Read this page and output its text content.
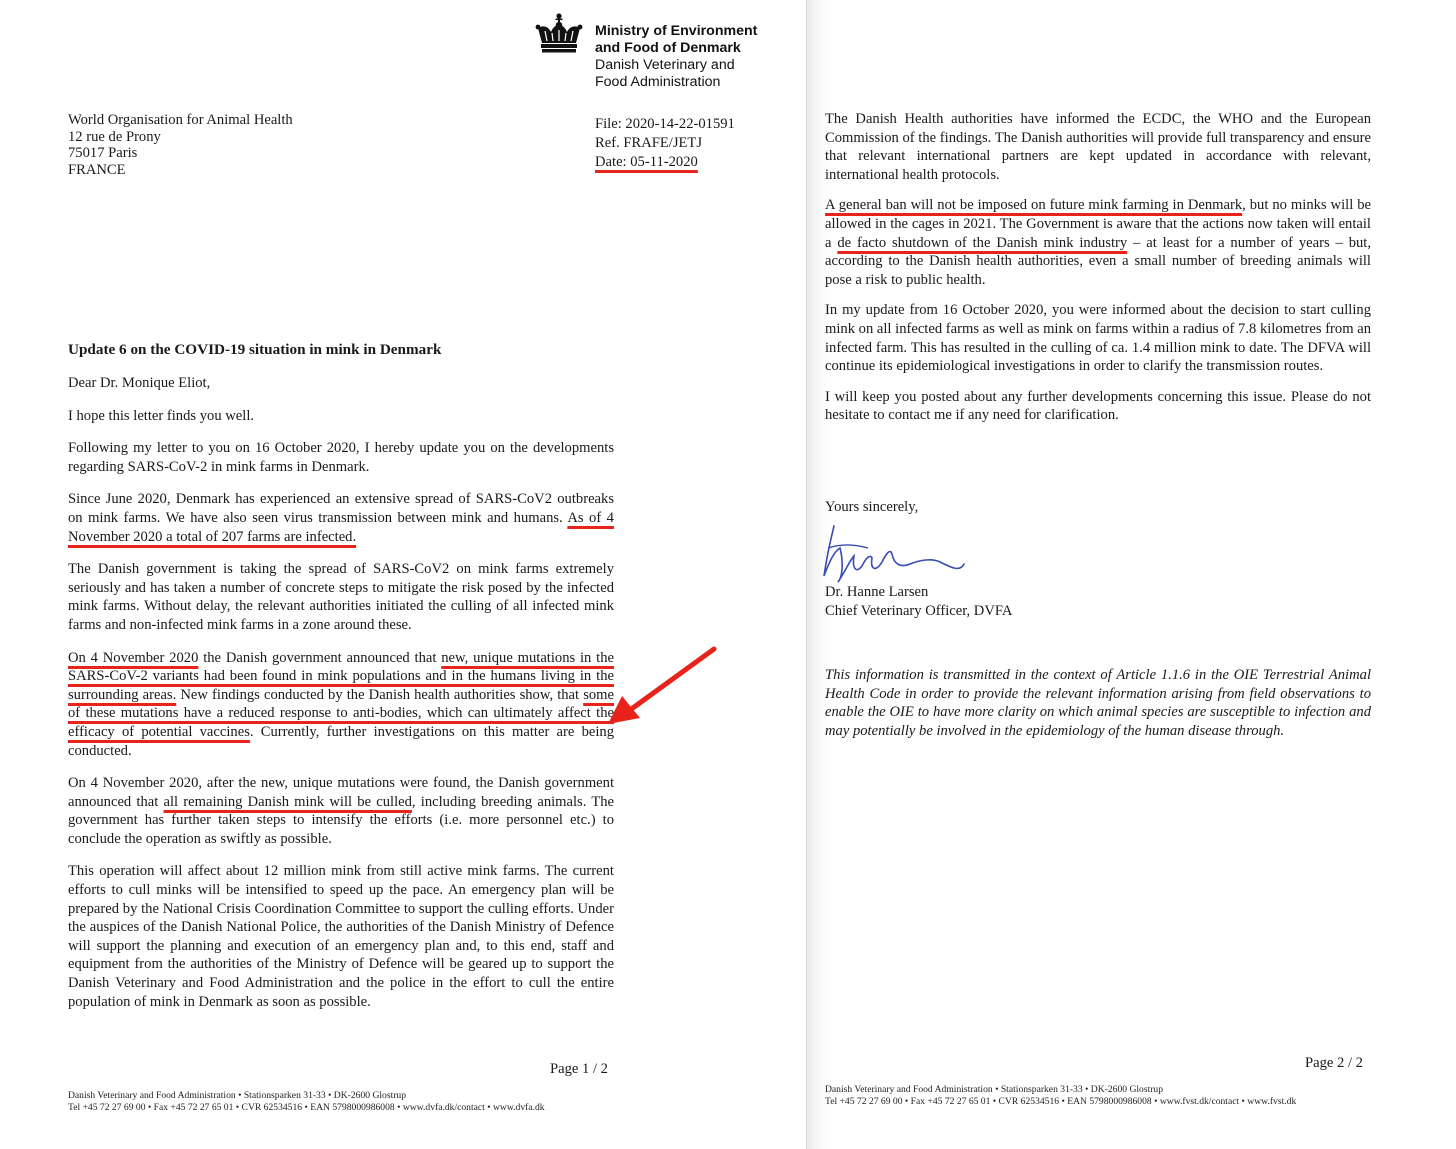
Ministry of Environment
and Food of Denmark
Danish Veterinary and
Food Administration
World Organisation for Animal Health
12 rue de Prony
75017 Paris
FRANCE
File: 2020-14-22-01591
Ref. FRAFE/JETJ
Date: 05-11-2020
Update 6 on the COVID-19 situation in mink in Denmark

Dear Dr. Monique Eliot,

I hope this letter finds you well.

Following my letter to you on 16 October 2020, I hereby update you on the developments regarding SARS-CoV-2 in mink farms in Denmark.

Since June 2020, Denmark has experienced an extensive spread of SARS-CoV2 outbreaks on mink farms. We have also seen virus transmission between mink and humans. As of 4 November 2020 a total of 207 farms are infected.

The Danish government is taking the spread of SARS-CoV2 on mink farms extremely seriously and has taken a number of concrete steps to mitigate the risk posed by the infected mink farms. Without delay, the relevant authorities initiated the culling of all infected mink farms and non-infected mink farms in a zone around these.

On 4 November 2020 the Danish government announced that new, unique mutations in the SARS-CoV-2 variants had been found in mink populations and in the humans living in the surrounding areas. New findings conducted by the Danish health authorities show, that some of these mutations have a reduced response to anti-bodies, which can ultimately affect the efficacy of potential vaccines. Currently, further investigations on this matter are being conducted.

On 4 November 2020, after the new, unique mutations were found, the Danish government announced that all remaining Danish mink will be culled, including breeding animals. The government has further taken steps to intensify the efforts (i.e. more personnel etc.) to conclude the operation as swiftly as possible.

This operation will affect about 12 million mink from still active mink farms. The current efforts to cull minks will be intensified to speed up the pace. An emergency plan will be prepared by the National Crisis Coordination Committee to support the culling efforts. Under the auspices of the Danish National Police, the authorities of the Danish Ministry of Defence will support the planning and execution of an emergency plan and, to this end, staff and equipment from the authorities of the Ministry of Defence will be geared up to support the Danish Veterinary and Food Administration and the police in the effort to cull the entire population of mink in Denmark as soon as possible.

Page 1 / 2
Danish Veterinary and Food Administration • Stationsparken 31-33 • DK-2600 Glostrup
Tel +45 72 27 69 00 • Fax +45 72 27 65 01 • CVR 62534516 • EAN 5798000986008 • www.dvfa.dk/contact • www.dvfa.dk

The Danish Health authorities have informed the ECDC, the WHO and the European Commission of the findings. The Danish authorities will provide full transparency and ensure that relevant international partners are kept updated in accordance with relevant, international health protocols.

A general ban will not be imposed on future mink farming in Denmark, but no minks will be allowed in the cages in 2021. The Government is aware that the actions now taken will entail a de facto shutdown of the Danish mink industry – at least for a number of years – but, according to the Danish health authorities, even a small number of breeding animals will pose a risk to public health.

In my update from 16 October 2020, you were informed about the decision to start culling mink on all infected farms as well as mink on farms within a radius of 7.8 kilometres from an infected farm. This has resulted in the culling of ca. 1.4 million mink to date. The DFVA will continue its epidemiological investigations in order to clarify the transmission routes.

I will keep you posted about any further developments concerning this issue. Please do not hesitate to contact me if any need for clarification.

Yours sincerely,
Dr. Hanne Larsen
Chief Veterinary Officer, DVFA

This information is transmitted in the context of Article 1.1.6 in the OIE Terrestrial Animal Health Code in order to provide the relevant information arising from field observations to enable the OIE to have more clarity on which animal species are susceptible to infection and may potentially be involved in the epidemiology of the human disease through.

Page 2 / 2
Danish Veterinary and Food Administration • Stationsparken 31-33 • DK-2600 Glostrup
Tel +45 72 27 69 00 • Fax +45 72 27 65 01 • CVR 62534516 • EAN 5798000986008 • www.fvst.dk/contact • www.fvst.dk
